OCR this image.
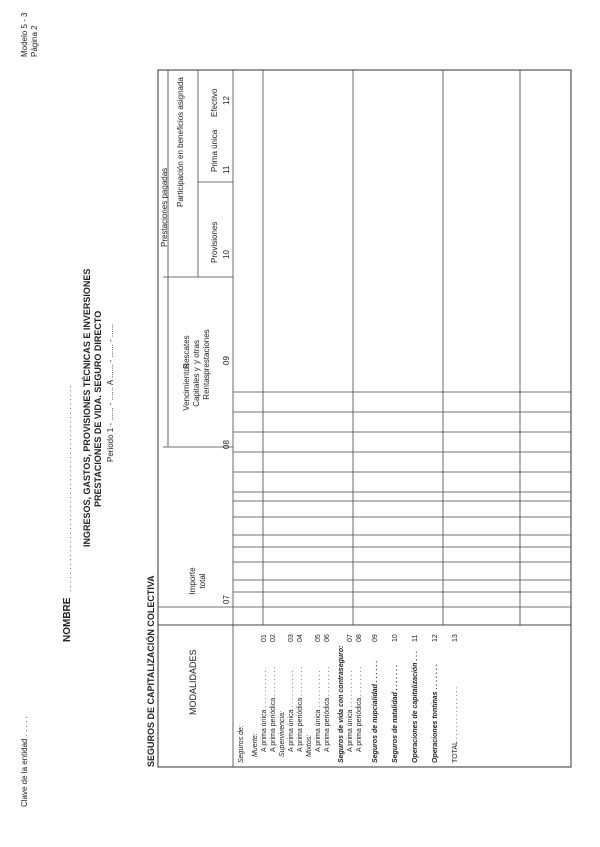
Clave de la entidad . . . . .
Modelo 5 - 3 Página 2
NOMBRE
. . . . . . . . . . . . . . . . . . . . . . . . . . . . . . . . . . . . . . . . . . . . . . . INGRESOS, GASTOS, PROVISIONES TÉCNICAS E INVERSIONES PRESTACIONES DE VIDA. SEGURO DIRECTO Periodo 1 - ...... - ...... A ...... - ...... - ......
SEGUROS DE CAPITALIZACIÓN COLECTIVA	MODALIDADES
Prestaciones pagadas
Participación en beneficios asignada
Importe total
07
Vencimientos Capitales y Rentas
08
Rescates y otras prestaciones 09
Provisiones 10
Prima única 11
Efectivo 12
Seguros de: Muerte: A prima única . . . . . . . . . .
01
A prima periódica . . . . . . . .
02
Supervivencia: A prima única . . . . . . . . . .
03
A prima periódica . . . . . . . .
04
Mixtos: A prima única . . . . . . . . . .
05
A prima periódica . . . . . . . .
06
Seguros de vida con contraseguro: A prima única . . . . . . . . . .
07
A prima periódica . . . . . . . .
08
Seguros de nupcialidad . . . . . .
09
Seguros de natalidad . . . . . . .
10
Operaciones de capitalización . . .
11
Operaciones tontinas . . . . . . .
12
TOTAL . . . . . . . . . . . . . .
13
